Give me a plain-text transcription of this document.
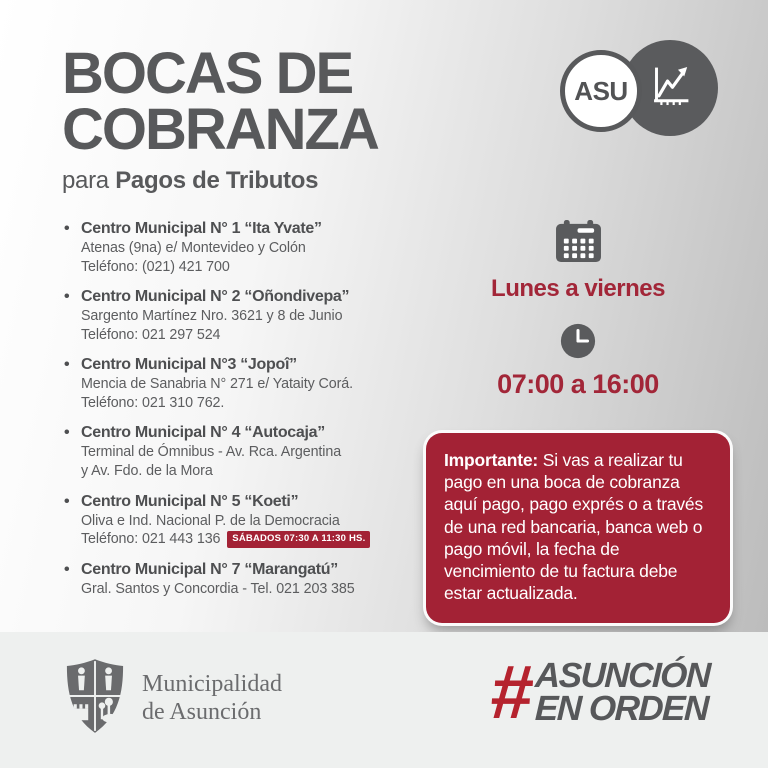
BOCAS DE
COBRANZA
para Pagos de Tributos
ASU
• Centro Municipal N° 1 “Ita Yvate”
Atenas (9na) e/ Montevideo y Colón
Teléfono: (021) 421 700
• Centro Municipal N° 2 “Oñondivepa”
Sargento Martínez Nro. 3621 y 8 de Junio
Teléfono: 021 297 524
• Centro Municipal N°3 “Jopoî”
Mencia de Sanabria N° 271 e/ Yataity Corá.
Teléfono: 021 310 762.
• Centro Municipal N° 4 “Autocaja”
Terminal de Ómnibus - Av. Rca. Argentina
y Av. Fdo. de la Mora
• Centro Municipal N° 5 “Koeti”
Oliva e Ind. Nacional P. de la Democracia
Teléfono: 021 443 136 SÁBADOS 07:30 A 11:30 HS.
• Centro Municipal N° 7 “Marangatú”
Gral. Santos y Concordia - Tel. 021 203 385
Lunes a viernes
07:00 a 16:00
Importante: Si vas a realizar tu pago en una boca de cobranza aquí pago, pago exprés o a través de una red bancaria, banca web o pago móvil, la fecha de vencimiento de tu factura debe estar actualizada.
Municipalidad
de Asunción	# ASUNCIÓN
EN ORDEN
